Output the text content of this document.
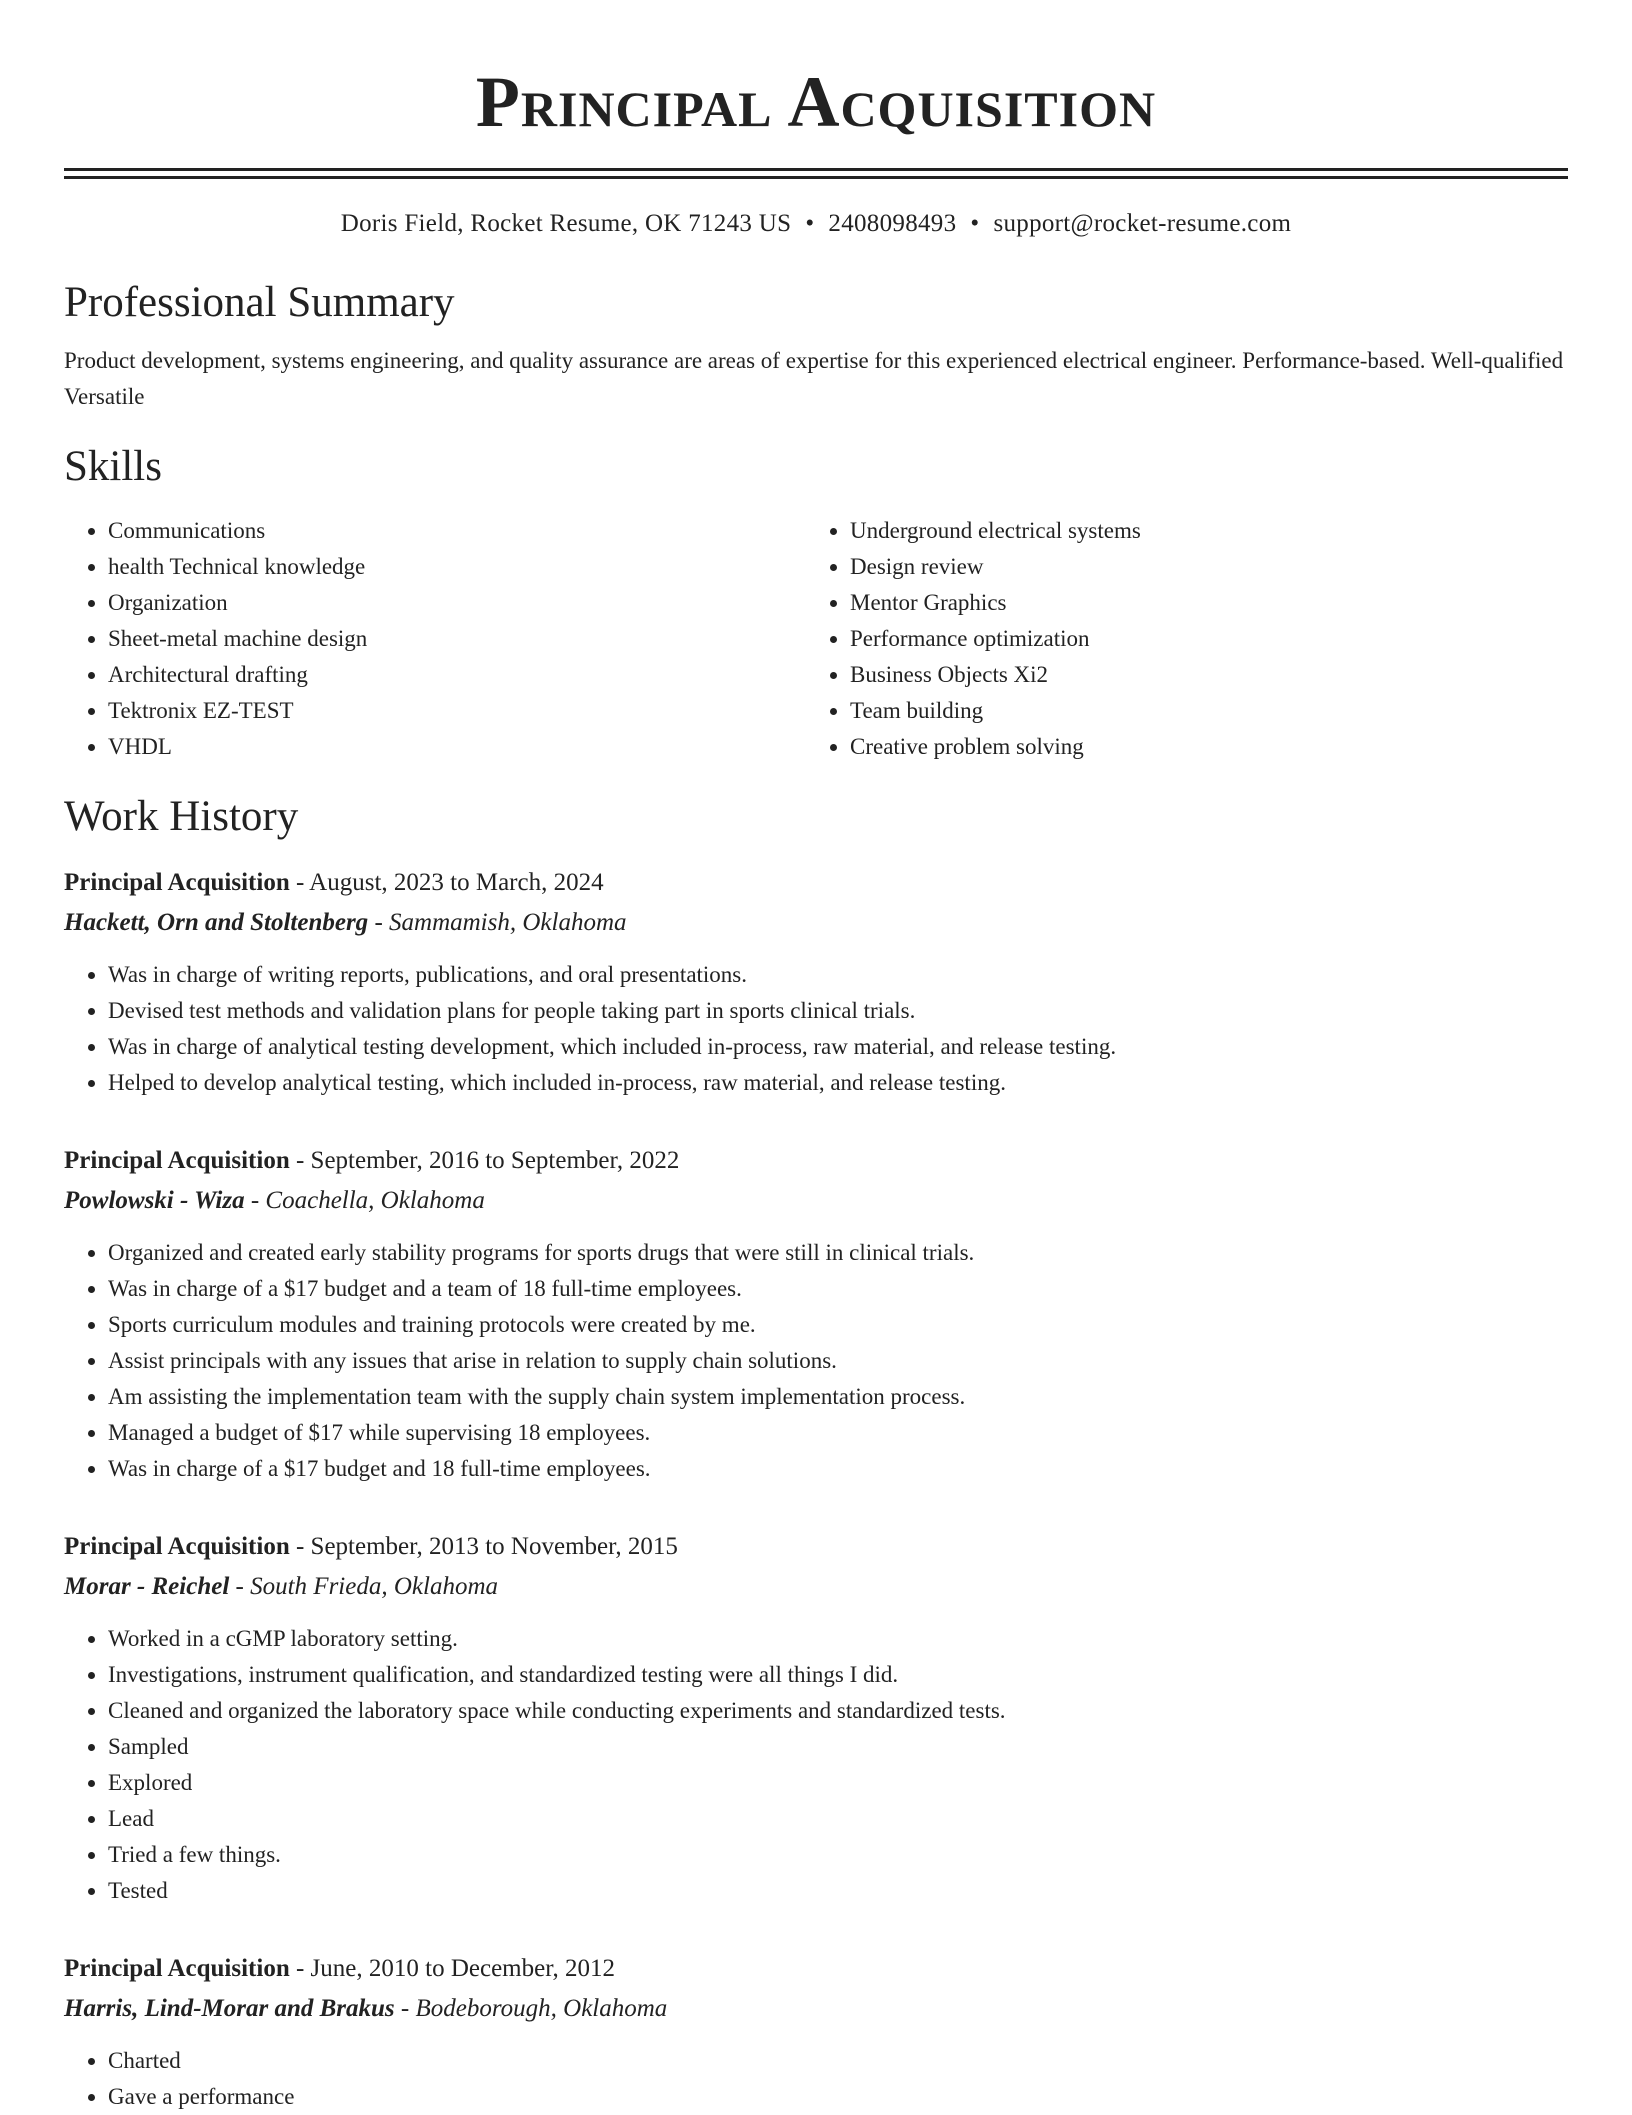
Principal Acquisition
Doris Field, Rocket Resume, OK 71243 US • 2408098493 • support@rocket-resume.com
Professional Summary

Product development, systems engineering, and quality assurance are areas of expertise for this experienced electrical engineer. Performance-based. Well-qualified Versatile

Skills
• Communications
• health Technical knowledge
• Organization
• Sheet-metal machine design
• Architectural drafting
• Tektronix EZ-TEST
• VHDL
• Underground electrical systems
• Design review
• Mentor Graphics
• Performance optimization
• Business Objects Xi2
• Team building
• Creative problem solving
Work History
Principal Acquisition - August, 2023 to March, 2024
Hackett, Orn and Stoltenberg - Sammamish, Oklahoma
• Was in charge of writing reports, publications, and oral presentations.
• Devised test methods and validation plans for people taking part in sports clinical trials.
• Was in charge of analytical testing development, which included in-process, raw material, and release testing.
• Helped to develop analytical testing, which included in-process, raw material, and release testing.
Principal Acquisition - September, 2016 to September, 2022
Powlowski - Wiza - Coachella, Oklahoma
• Organized and created early stability programs for sports drugs that were still in clinical trials.
• Was in charge of a $17 budget and a team of 18 full-time employees.
• Sports curriculum modules and training protocols were created by me.
• Assist principals with any issues that arise in relation to supply chain solutions.
• Am assisting the implementation team with the supply chain system implementation process.
• Managed a budget of $17 while supervising 18 employees.
• Was in charge of a $17 budget and 18 full-time employees.
Principal Acquisition - September, 2013 to November, 2015
Morar - Reichel - South Frieda, Oklahoma
• Worked in a cGMP laboratory setting.
• Investigations, instrument qualification, and standardized testing were all things I did.
• Cleaned and organized the laboratory space while conducting experiments and standardized tests.
• Sampled
• Explored
• Lead
• Tried a few things.
• Tested
Principal Acquisition - June, 2010 to December, 2012
Harris, Lind-Morar and Brakus - Bodeborough, Oklahoma
• Charted
• Gave a performance
